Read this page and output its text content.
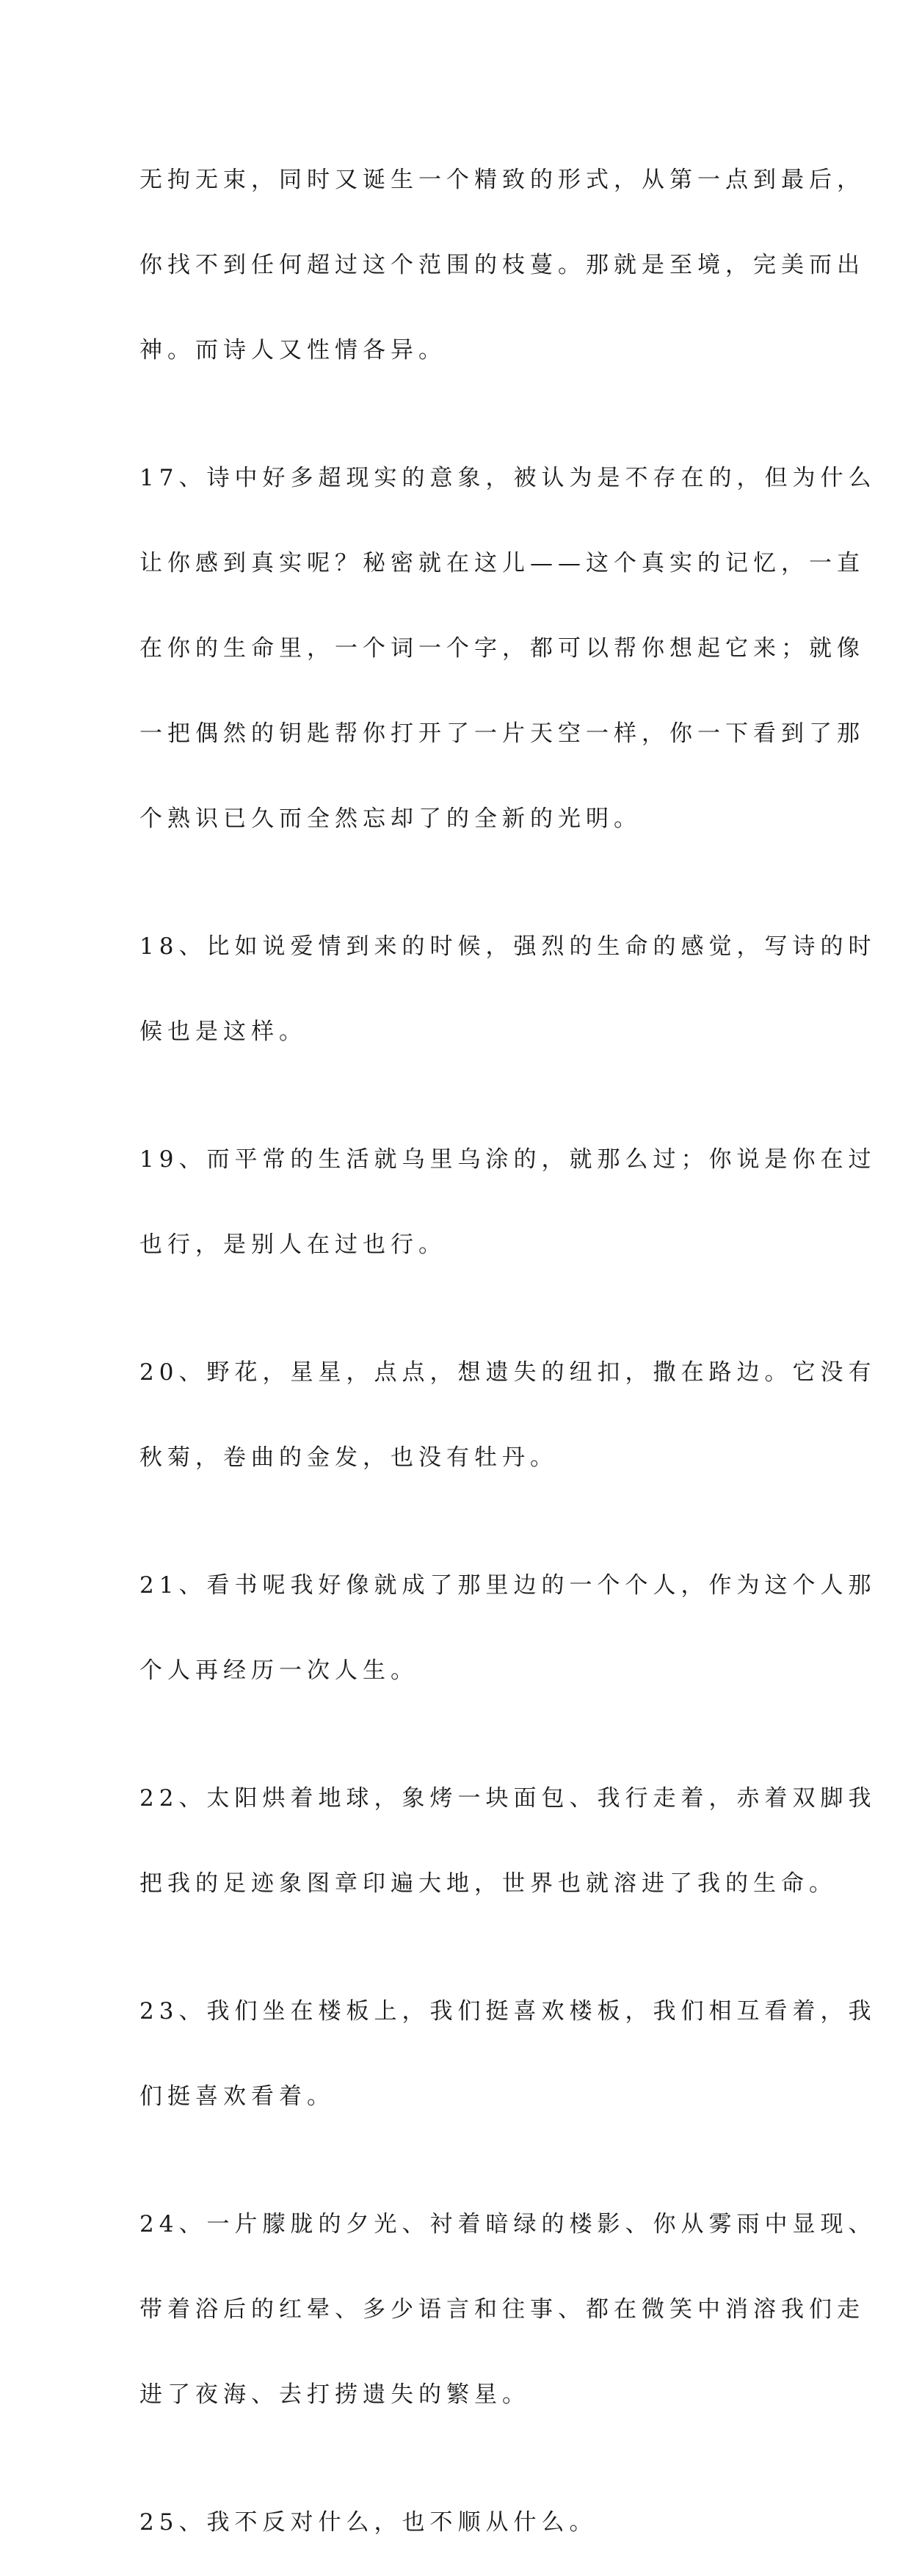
无拘无束，同时又诞生一个精致的形式，从第一点到最后，

你找不到任何超过这个范围的枝蔓。那就是至境，完美而出

神。而诗人又性情各异。

17、诗中好多超现实的意象，被认为是不存在的，但为什么

让你感到真实呢？秘密就在这儿——这个真实的记忆，一直

在你的生命里，一个词一个字，都可以帮你想起它来；就像

一把偶然的钥匙帮你打开了一片天空一样，你一下看到了那

个熟识已久而全然忘却了的全新的光明。

18、比如说爱情到来的时候，强烈的生命的感觉，写诗的时

候也是这样。

19、而平常的生活就乌里乌涂的，就那么过；你说是你在过

也行，是别人在过也行。

20、野花，星星，点点，想遗失的纽扣，撒在路边。它没有

秋菊，卷曲的金发，也没有牡丹。

21、看书呢我好像就成了那里边的一个个人，作为这个人那

个人再经历一次人生。

22、太阳烘着地球，象烤一块面包、我行走着，赤着双脚我

把我的足迹象图章印遍大地，世界也就溶进了我的生命。

23、我们坐在楼板上，我们挺喜欢楼板，我们相互看着，我

们挺喜欢看着。

24、一片朦胧的夕光、衬着暗绿的楼影、你从雾雨中显现、

带着浴后的红晕、多少语言和往事、都在微笑中消溶我们走

进了夜海、去打捞遗失的繁星。

25、我不反对什么，也不顺从什么。
